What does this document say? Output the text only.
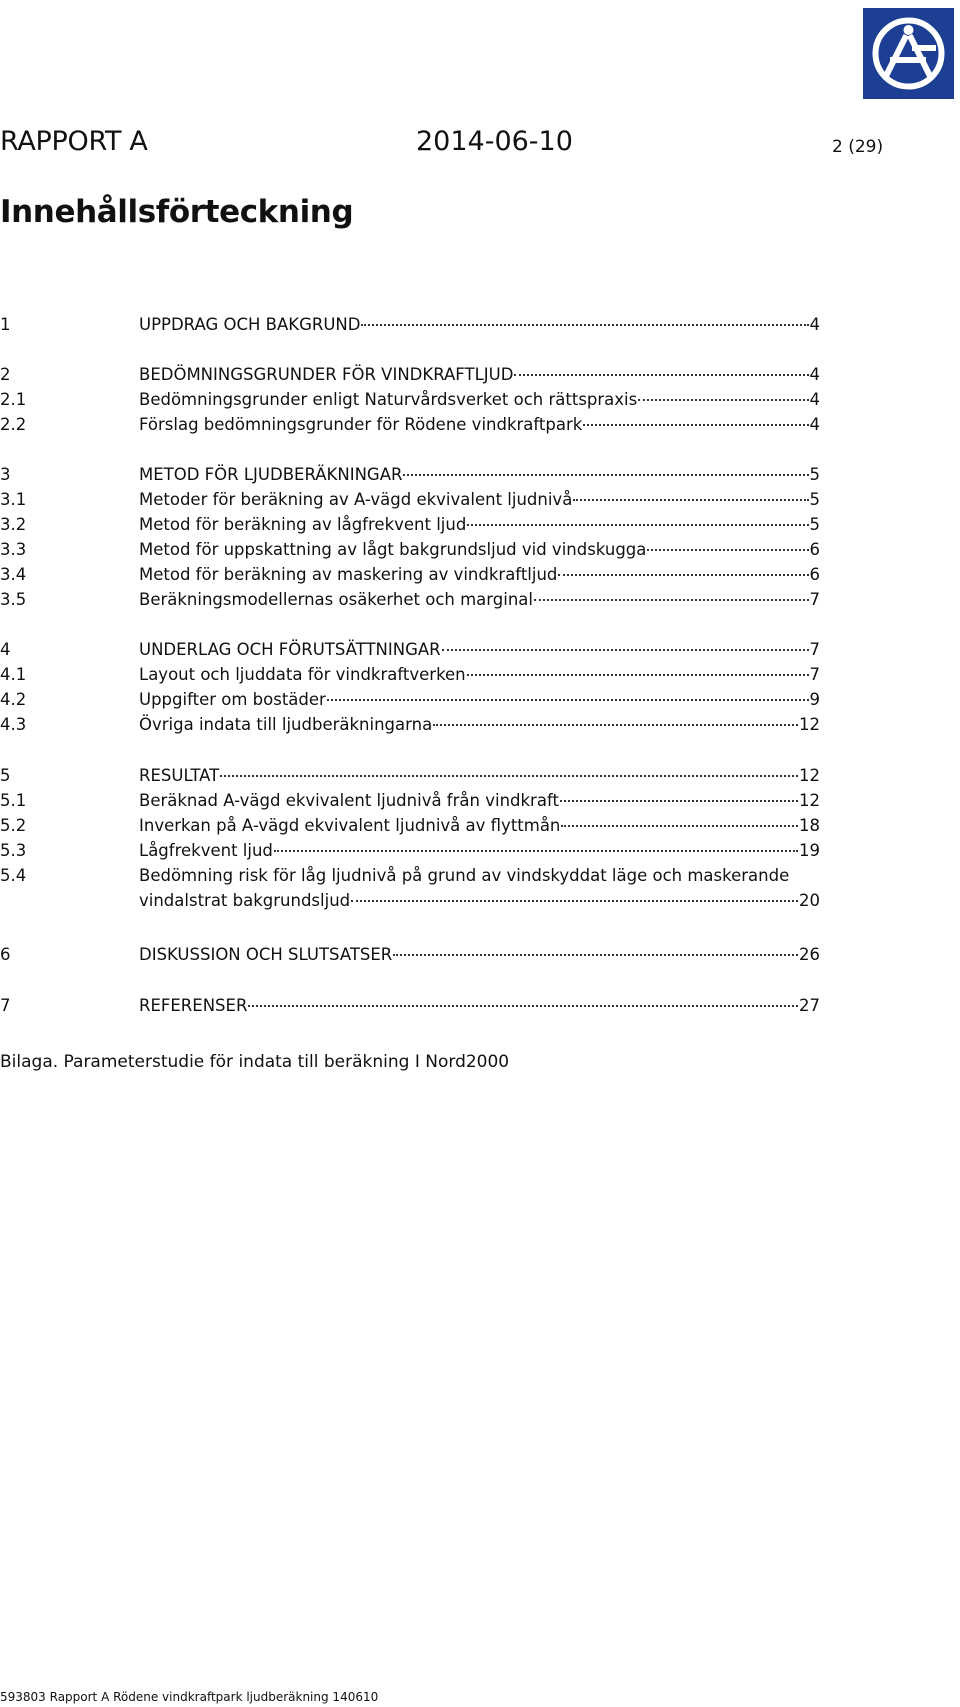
RAPPORT A	2014-06-10	2 (29)
Innehållsförteckning
1	UPPDRAG OCH BAKGRUND	4
2	BEDÖMNINGSGRUNDER FÖR VINDKRAFTLJUD	4
2.1	Bedömningsgrunder enligt Naturvårdsverket och rättspraxis	4
2.2	Förslag bedömningsgrunder för Rödene vindkraftpark	4
3	METOD FÖR LJUDBERÄKNINGAR	5
3.1	Metoder för beräkning av A-vägd ekvivalent ljudnivå	5
3.2	Metod för beräkning av lågfrekvent ljud	5
3.3	Metod för uppskattning av lågt bakgrundsljud vid vindskugga	6
3.4	Metod för beräkning av maskering av vindkraftljud	6
3.5	Beräkningsmodellernas osäkerhet och marginal	7
4	UNDERLAG OCH FÖRUTSÄTTNINGAR	7
4.1	Layout och ljuddata för vindkraftverken	7
4.2	Uppgifter om bostäder	9
4.3	Övriga indata till ljudberäkningarna	12
5	RESULTAT	12
5.1	Beräknad A-vägd ekvivalent ljudnivå från vindkraft	12
5.2	Inverkan på A-vägd ekvivalent ljudnivå av flyttmån	18
5.3	Lågfrekvent ljud	19
5.4	Bedömning risk för låg ljudnivå på grund av vindskyddat läge och maskerande
vindalstrat bakgrundsljud	20
6	DISKUSSION OCH SLUTSATSER	26
7	REFERENSER	27
Bilaga. Parameterstudie för indata till beräkning I Nord2000
593803 Rapport A Rödene vindkraftpark ljudberäkning 140610
